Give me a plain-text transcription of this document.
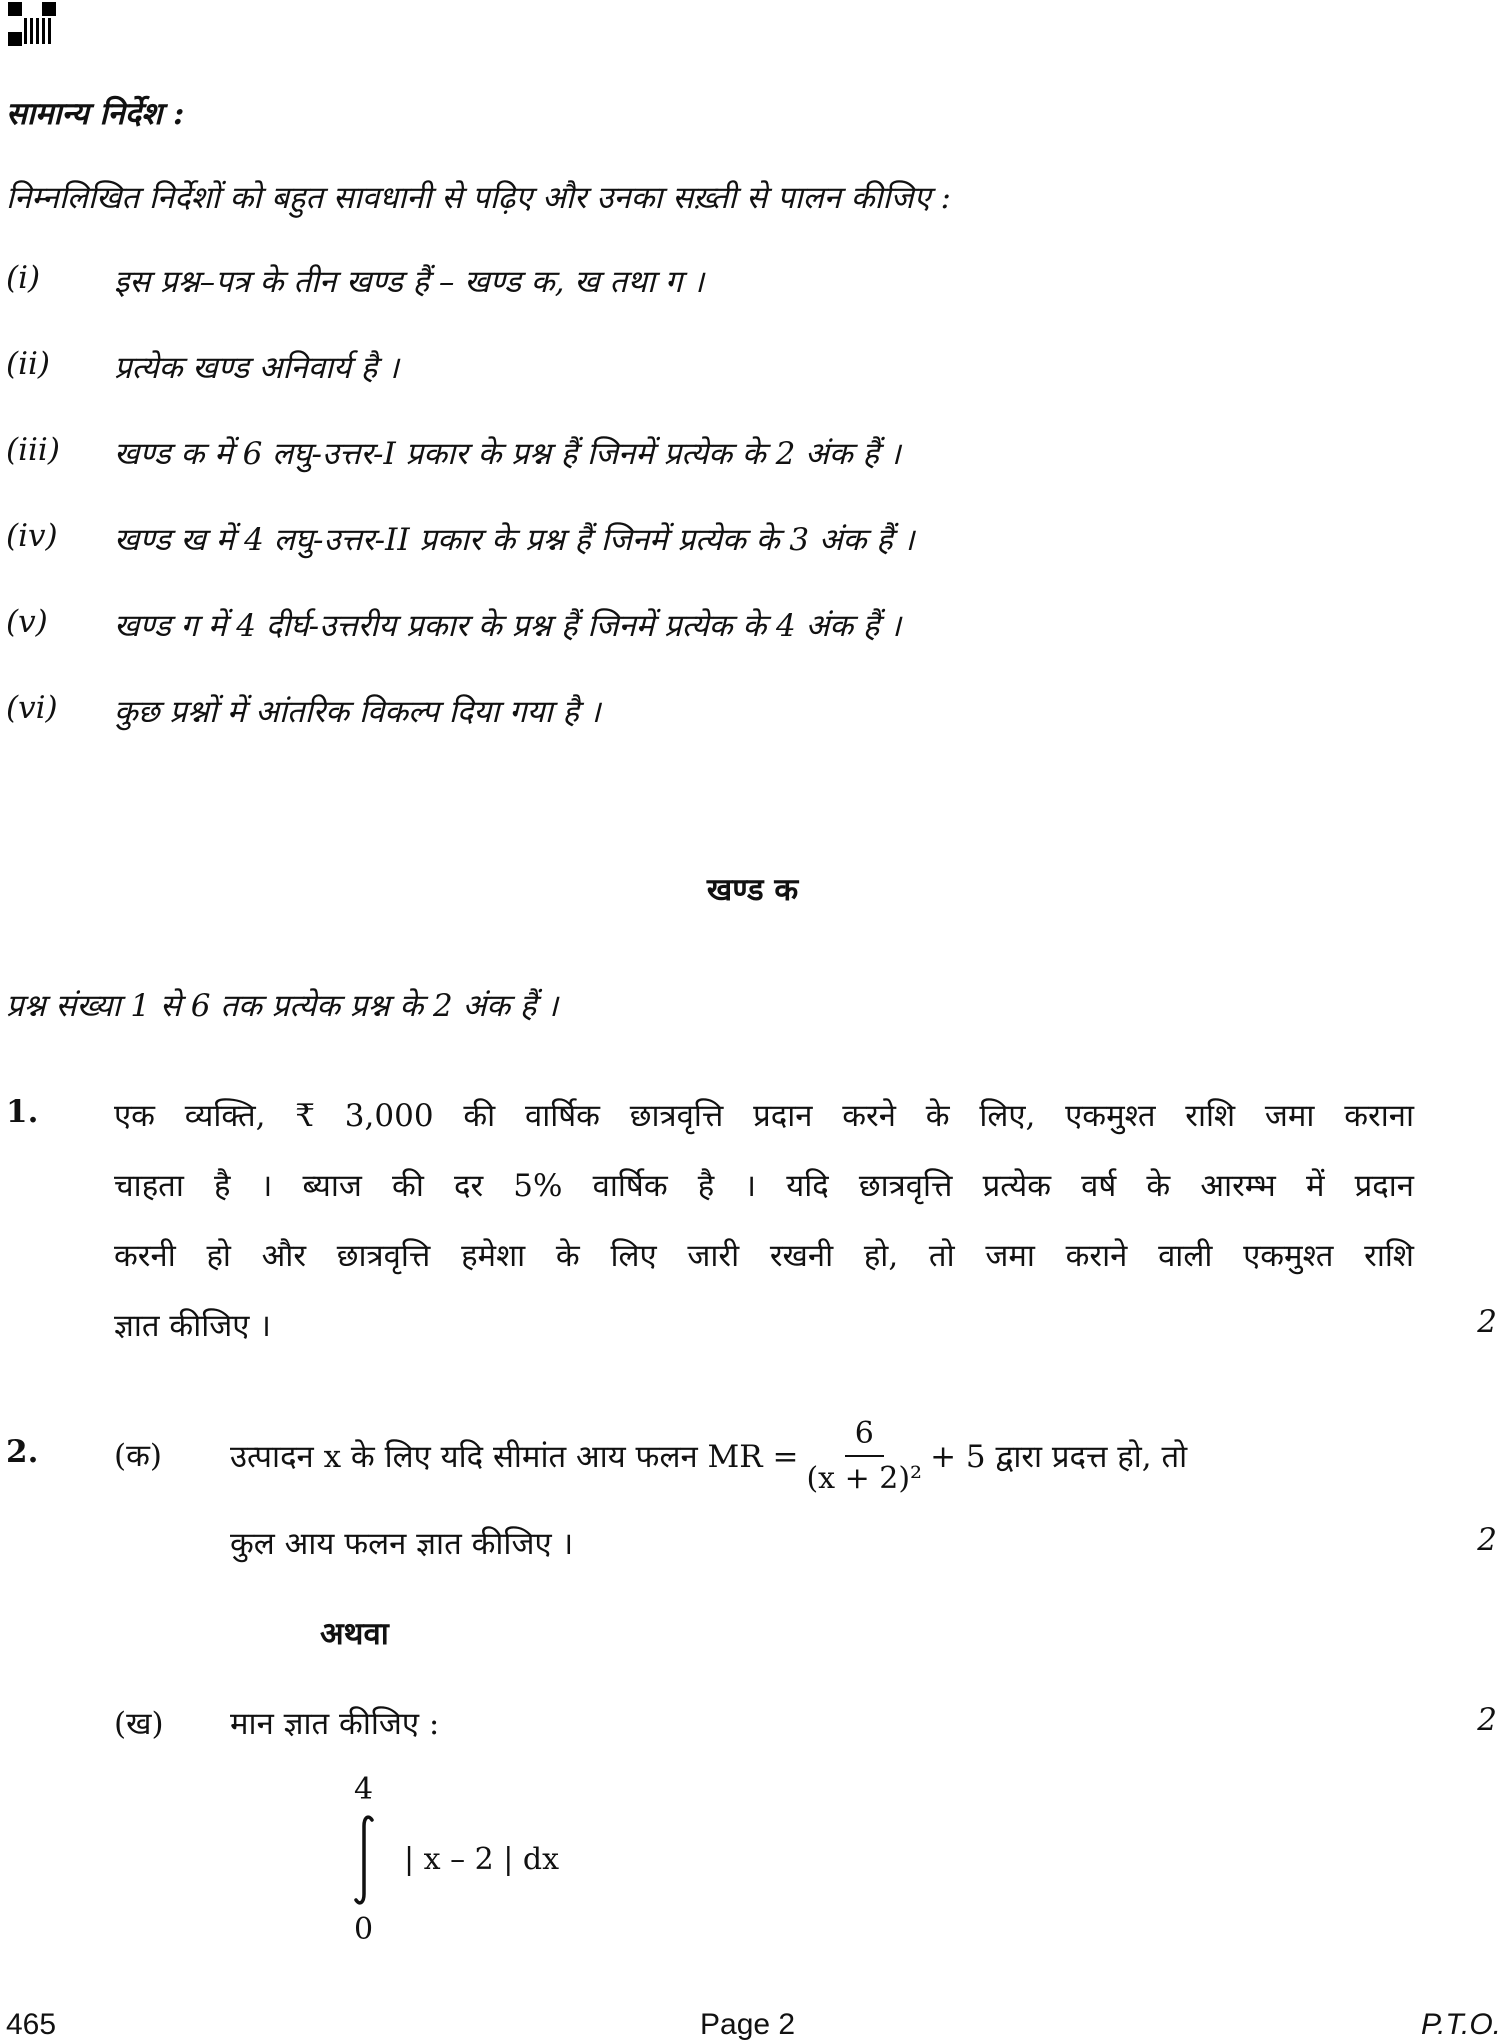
सामान्य निर्देश :
निम्नलिखित निर्देशों को बहुत सावधानी से पढ़िए और उनका सख़्ती से पालन कीजिए :
(i) इस प्रश्न–पत्र के तीन खण्ड हैं – खण्ड क, ख तथा ग ।
(ii) प्रत्येक खण्ड अनिवार्य है ।
(iii) खण्ड क में 6 लघु-उत्तर-I प्रकार के प्रश्न हैं जिनमें प्रत्येक के 2 अंक हैं ।
(iv) खण्ड ख में 4 लघु-उत्तर-II प्रकार के प्रश्न हैं जिनमें प्रत्येक के 3 अंक हैं ।
(v) खण्ड ग में 4 दीर्घ-उत्तरीय प्रकार के प्रश्न हैं जिनमें प्रत्येक के 4 अंक हैं ।
(vi) कुछ प्रश्नों में आंतरिक विकल्प दिया गया है ।
खण्ड क
प्रश्न संख्या 1 से 6 तक प्रत्येक प्रश्न के 2 अंक हैं ।
1. एक व्यक्ति, ₹ 3,000 की वार्षिक छात्रवृत्ति प्रदान करने के लिए, एकमुश्त राशि जमा कराना
चाहता है । ब्याज की दर 5% वार्षिक है । यदि छात्रवृत्ति प्रत्येक वर्ष के आरम्भ में प्रदान
करनी हो और छात्रवृत्ति हमेशा के लिए जारी रखनी हो, तो जमा कराने वाली एकमुश्त राशि
ज्ञात कीजिए ।	2
2. (क) उत्पादन x के लिए यदि सीमांत आय फलन MR = $\frac{6}{\text{(x + 2)²}} + 5$ द्वारा प्रदत्त हो, तो
कुल आय फलन ज्ञात कीजिए ।	2
अथवा
(ख) मान ज्ञात कीजिए :	2
4
0
| x – 2 | dx
465	Page 2	P.T.O.
